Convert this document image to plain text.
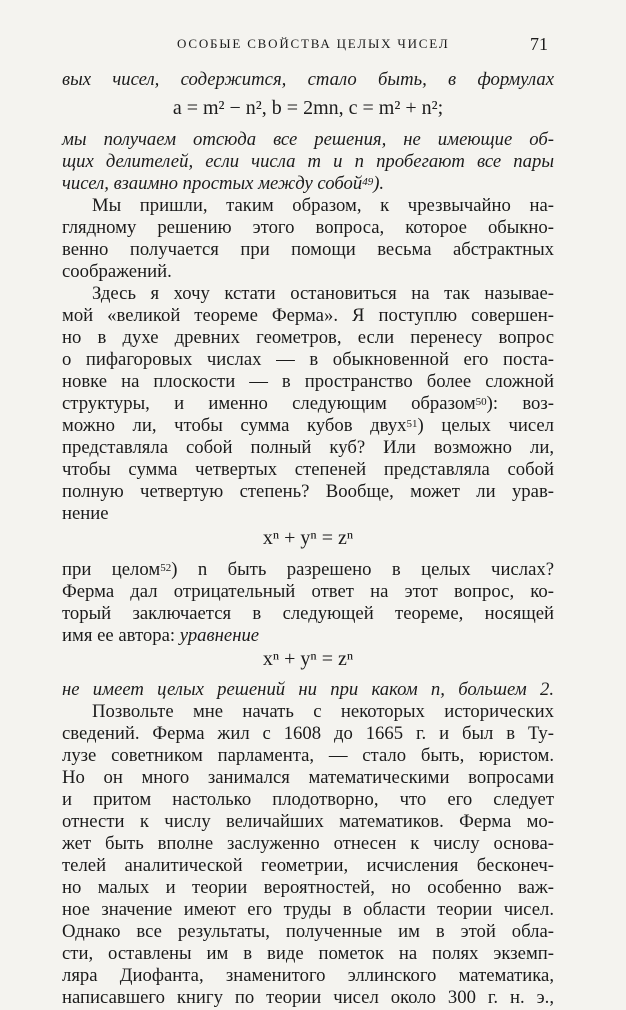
ОСОБЫЕ СВОЙСТВА ЦЕЛЫХ ЧИСЕЛ	71
вых чисел, содержится, стало быть, в формулах
a = m² − n², b = 2mn, c = m² + n²;
мы получаем отсюда все решения, не имеющие об-
щих делителей, если числа m и n пробегают все пары
чисел, взаимно простых между собой$^{49}$).
Мы пришли, таким образом, к чрезвычайно на-
глядному решению этого вопроса, которое обыкно-
венно получается при помощи весьма абстрактных
соображений.
Здесь я хочу кстати остановиться на так называе-
мой «великой теореме Ферма». Я поступлю совершен-
но в духе древних геометров, если перенесу вопрос
о пифагоровых числах — в обыкновенной его поста-
новке на плоскости — в пространство более сложной
структуры, и именно следующим образом$^{50}$): воз-
можно ли, чтобы сумма кубов двух$^{51}$) целых чисел
представляла собой полный куб? Или возможно ли,
чтобы сумма четвертых степеней представляла собой
полную четвертую степень? Вообще, может ли урав-
нение
xⁿ + yⁿ = zⁿ
при целом$^{52}$) n быть разрешено в целых числах?
Ферма дал отрицательный ответ на этот вопрос, ко-
торый заключается в следующей теореме, носящей
имя ее автора: уравнение
xⁿ + yⁿ = zⁿ
не имеет целых решений ни при каком n, большем 2.
Позвольте мне начать с некоторых исторических
сведений. Ферма жил с 1608 до 1665 г. и был в Ту-
лузе советником парламента, — стало быть, юристом.
Но он много занимался математическими вопросами
и притом настолько плодотворно, что его следует
отнести к числу величайших математиков. Ферма мо-
жет быть вполне заслуженно отнесен к числу основа-
телей аналитической геометрии, исчисления бесконеч-
но малых и теории вероятностей, но особенно важ-
ное значение имеют его труды в области теории чисел.
Однако все результаты, полученные им в этой обла-
сти, оставлены им в виде пометок на полях экземп-
ляра Диофанта, знаменитого эллинского математика,
написавшего книгу по теории чисел около 300 г. н. э.,
